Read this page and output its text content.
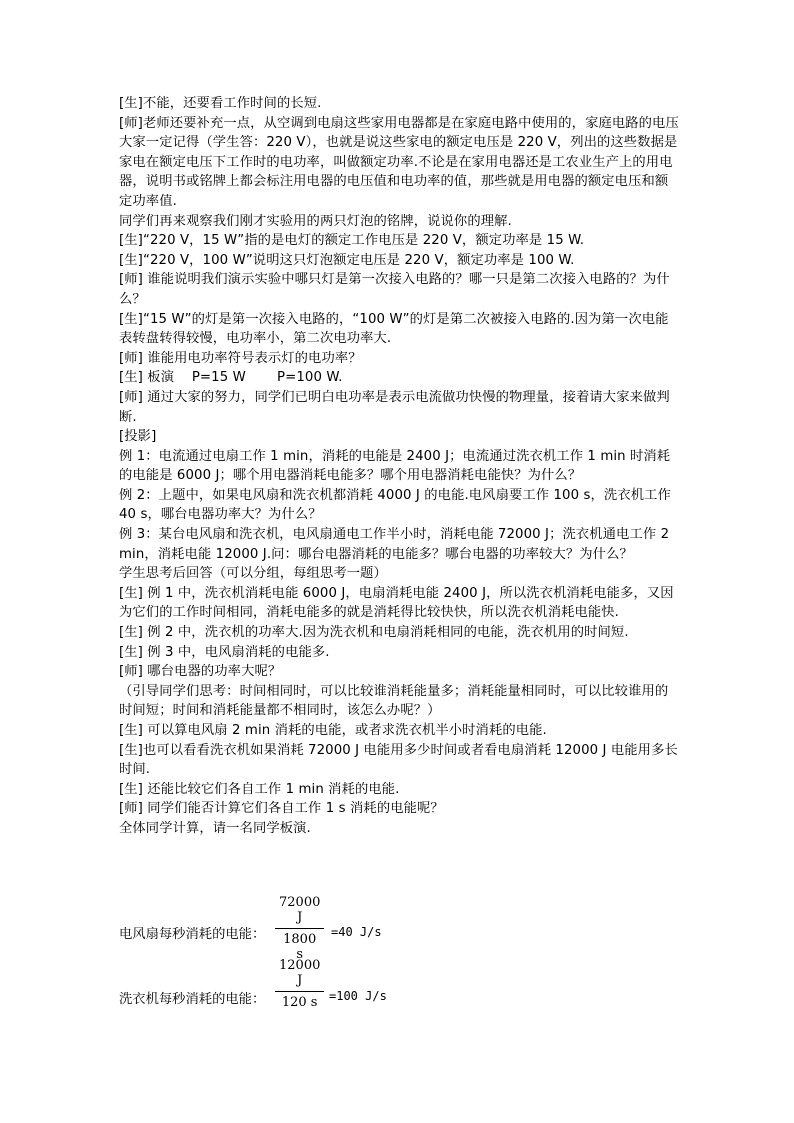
[生]不能，还要看工作时间的长短.

[师]老师还要补充一点，从空调到电扇这些家用电器都是在家庭电路中使用的，家庭电路的电压大家一定记得（学生答：220 V），也就是说这些家电的额定电压是 220 V，列出的这些数据是家电在额定电压下工作时的电功率，叫做额定功率.不论是在家用电器还是工农业生产上的用电器，说明书或铭牌上都会标注用电器的电压值和电功率的值，那些就是用电器的额定电压和额定功率值.

同学们再来观察我们刚才实验用的两只灯泡的铭牌，说说你的理解.

[生]“220 V，15 W”指的是电灯的额定工作电压是 220 V，额定功率是 15 W.

[生]“220 V，100 W”说明这只灯泡额定电压是 220 V，额定功率是 100 W.

[师] 谁能说明我们演示实验中哪只灯是第一次接入电路的？哪一只是第二次接入电路的？为什么？

[生]“15 W”的灯是第一次接入电路的，“100 W”的灯是第二次被接入电路的.因为第一次电能表转盘转得较慢，电功率小，第二次电功率大.

[师] 谁能用电功率符号表示灯的电功率？

[生] 板演　 P=15 W　　 P=100 W.

[师] 通过大家的努力，同学们已明白电功率是表示电流做功快慢的物理量，接着请大家来做判断.

[投影]

例 1：电流通过电扇工作 1 min，消耗的电能是 2400 J；电流通过洗衣机工作 1 min 时消耗的电能是 6000 J；哪个用电器消耗电能多？哪个用电器消耗电能快？为什么？

例 2：上题中，如果电风扇和洗衣机都消耗 4000 J 的电能.电风扇要工作 100 s，洗衣机工作 40 s，哪台电器功率大？为什么？

例 3：某台电风扇和洗衣机，电风扇通电工作半小时，消耗电能 72000 J；洗衣机通电工作 2 min，消耗电能 12000 J.问：哪台电器消耗的电能多？哪台电器的功率较大？为什么？

学生思考后回答（可以分组，每组思考一题）

[生] 例 1 中，洗衣机消耗电能 6000 J，电扇消耗电能 2400 J，所以洗衣机消耗电能多，又因为它们的工作时间相同，消耗电能多的就是消耗得比较快快，所以洗衣机消耗电能快.

[生] 例 2 中，洗衣机的功率大.因为洗衣机和电扇消耗相同的电能，洗衣机用的时间短.

[生] 例 3 中，电风扇消耗的电能多.

[师] 哪台电器的功率大呢？

（引导同学们思考：时间相同时，可以比较谁消耗能量多；消耗能量相同时，可以比较谁用的时间短；时间和消耗能量都不相同时，该怎么办呢？）

[生] 可以算电风扇 2 min 消耗的电能，或者求洗衣机半小时消耗的电能.

[生]也可以看看洗衣机如果消耗 72000 J 电能用多少时间或者看电扇消耗 12000 J 电能用多长时间.

[生] 还能比较它们各自工作 1 min 消耗的电能.

[师] 同学们能否计算它们各自工作 1 s 消耗的电能呢？

全体同学计算，请一名同学板演.

电风扇每秒消耗的电能： $\frac{72000 J}{1800 s} =40$ J/s
洗衣机每秒消耗的电能： $\frac{12000 J}{120 s} =100$ J/s
